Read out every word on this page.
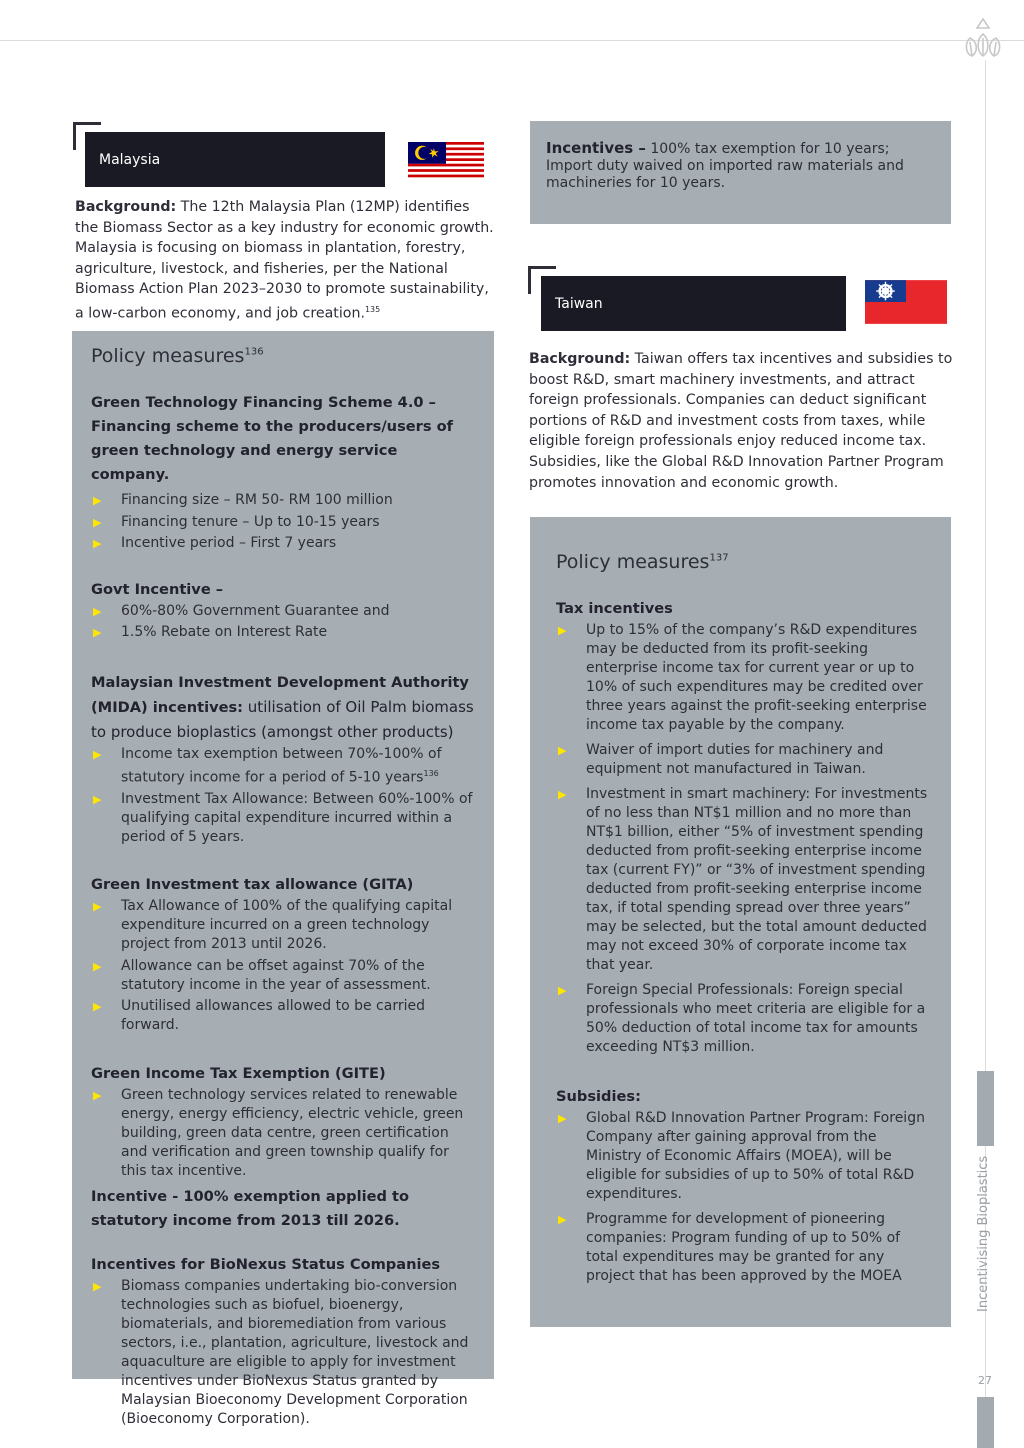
Incentivising Bioplastics
27
Malaysia

Background: The 12th Malaysia Plan (12MP) identifies the Biomass Sector as a key industry for economic growth. Malaysia is focusing on biomass in plantation, forestry, agriculture, livestock, and fisheries, per the National Biomass Action Plan 2023–2030 to promote sustainability, a low-carbon economy, and job creation.$^{135}$

Policy measures$^{136}$
Green Technology Financing Scheme 4.0 – Financing scheme to the producers/users of green technology and energy service company.
▶ Financing size – RM 50- RM 100 million
▶ Financing tenure – Up to 10-15 years
▶ Incentive period – First 7 years
Govt Incentive –
▶ 60%-80% Government Guarantee and
▶ 1.5% Rebate on Interest Rate
Malaysian Investment Development Authority (MIDA) incentives: utilisation of Oil Palm biomass to produce bioplastics (amongst other products)
▶ Income tax exemption between 70%-100% of statutory income for a period of 5-10 years$^{136}$
▶ Investment Tax Allowance: Between 60%-100% of qualifying capital expenditure incurred within a period of 5 years.
Green Investment tax allowance (GITA)
▶ Tax Allowance of 100% of the qualifying capital expenditure incurred on a green technology project from 2013 until 2026.
▶ Allowance can be offset against 70% of the statutory income in the year of assessment.
▶ Unutilised allowances allowed to be carried forward.
Green Income Tax Exemption (GITE)
▶ Green technology services related to renewable energy, energy efficiency, electric vehicle, green building, green data centre, green certification and verification and green township qualify for this tax incentive.
Incentive - 100% exemption applied to statutory income from 2013 till 2026.
Incentives for BioNexus Status Companies
▶ Biomass companies undertaking bio-conversion technologies such as biofuel, bioenergy, biomaterials, and bioremediation from various sectors, i.e., plantation, agriculture, livestock and aquaculture are eligible to apply for investment incentives under BioNexus Status granted by Malaysian Bioeconomy Development Corporation (Bioeconomy Corporation).

Incentives – 100% tax exemption for 10 years; Import duty waived on imported raw materials and machineries for 10 years.

Taiwan

Background: Taiwan offers tax incentives and subsidies to boost R&D, smart machinery investments, and attract foreign professionals. Companies can deduct significant portions of R&D and investment costs from taxes, while eligible foreign professionals enjoy reduced income tax. Subsidies, like the Global R&D Innovation Partner Program promotes innovation and economic growth.

Policy measures$^{137}$
Tax incentives
▶ Up to 15% of the company’s R&D expenditures may be deducted from its profit-seeking enterprise income tax for current year or up to 10% of such expenditures may be credited over three years against the profit-seeking enterprise income tax payable by the company.
▶ Waiver of import duties for machinery and equipment not manufactured in Taiwan.
▶ Investment in smart machinery: For investments of no less than NT$1 million and no more than NT$1 billion, either “5% of investment spending deducted from profit-seeking enterprise income tax (current FY)” or “3% of investment spending deducted from profit-seeking enterprise income tax, if total spending spread over three years” may be selected, but the total amount deducted may not exceed 30% of corporate income tax that year.
▶ Foreign Special Professionals: Foreign special professionals who meet criteria are eligible for a 50% deduction of total income tax for amounts exceeding NT$3 million.
Subsidies:
▶ Global R&D Innovation Partner Program: Foreign Company after gaining approval from the Ministry of Economic Affairs (MOEA), will be eligible for subsidies of up to 50% of total R&D expenditures.
▶ Programme for development of pioneering companies: Program funding of up to 50% of total expenditures may be granted for any project that has been approved by the MOEA
